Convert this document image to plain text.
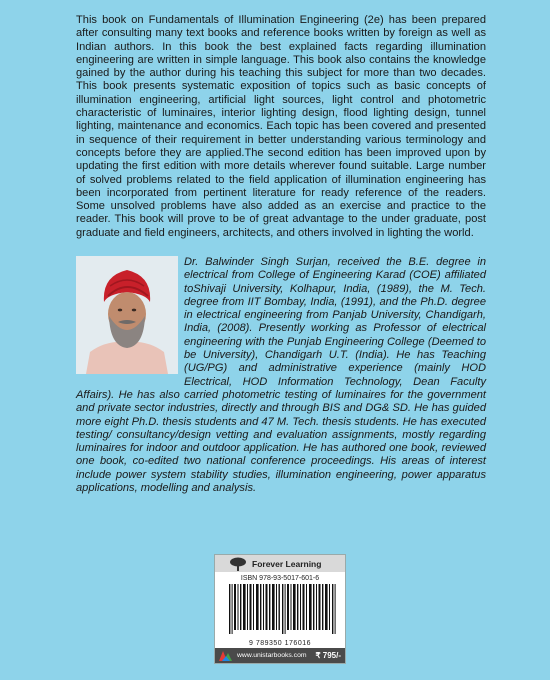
This book on Fundamentals of Illumination Engineering (2e) has been prepared after consulting many text books and reference books written by foreign as well as Indian authors. In this book the best explained facts regarding illumination engineering are written in simple language. This book also contains the knowledge gained by the author during his teaching this subject for more than two decades. This book presents systematic exposition of topics such as basic concepts of illumination engineering, artificial light sources, light control and photometric characteristic of luminaires, interior lighting design, flood lighting design, tunnel lighting, maintenance and economics. Each topic has been covered and presented in sequence of their requirement in better understanding various terminology and concepts before they are applied.The second edition has been improved upon by updating the first edition with more details wherever found suitable. Large number of solved problems related to the field application of illumination engineering has been incorporated from pertinent literature for ready reference of the readers. Some unsolved problems have also added as an exercise and practice to the reader. This book will prove to be of great advantage to the under graduate, post graduate and field engineers, architects, and others involved in lighting the world.

Dr. Balwinder Singh Surjan, received the B.E. degree in electrical from College of Engineering Karad (COE) affiliated toShivaji University, Kolhapur, India, (1989), the M. Tech. degree from IIT Bombay, India, (1991), and the Ph.D. degree in electrical engineering from Panjab University, Chandigarh, India, (2008). Presently working as Professor of electrical engineering with the Punjab Engineering College (Deemed to be University), Chandigarh U.T. (India). He has Teaching (UG/PG) and administrative experience (mainly HOD Electrical, HOD Information Technology, Dean Faculty Affairs). He has also carried photometric testing of luminaires for the government and private sector industries, directly and through BIS and DG& SD. He has guided more eight Ph.D. thesis students and 47 M. Tech. thesis students. He has executed testing/ consultancy/design vetting and evaluation assignments, mostly regarding luminaires for indoor and outdoor application. He has authored one book, reviewed one book, co-edited two national conference proceedings. His areas of interest include power system stability studies, illumination engineering, power apparatus applications, modelling and analysis.

Forever Learning
ISBN 978-93-5017-601-6
9 789350 176016
www.unistarbooks.com	₹ 795/-
